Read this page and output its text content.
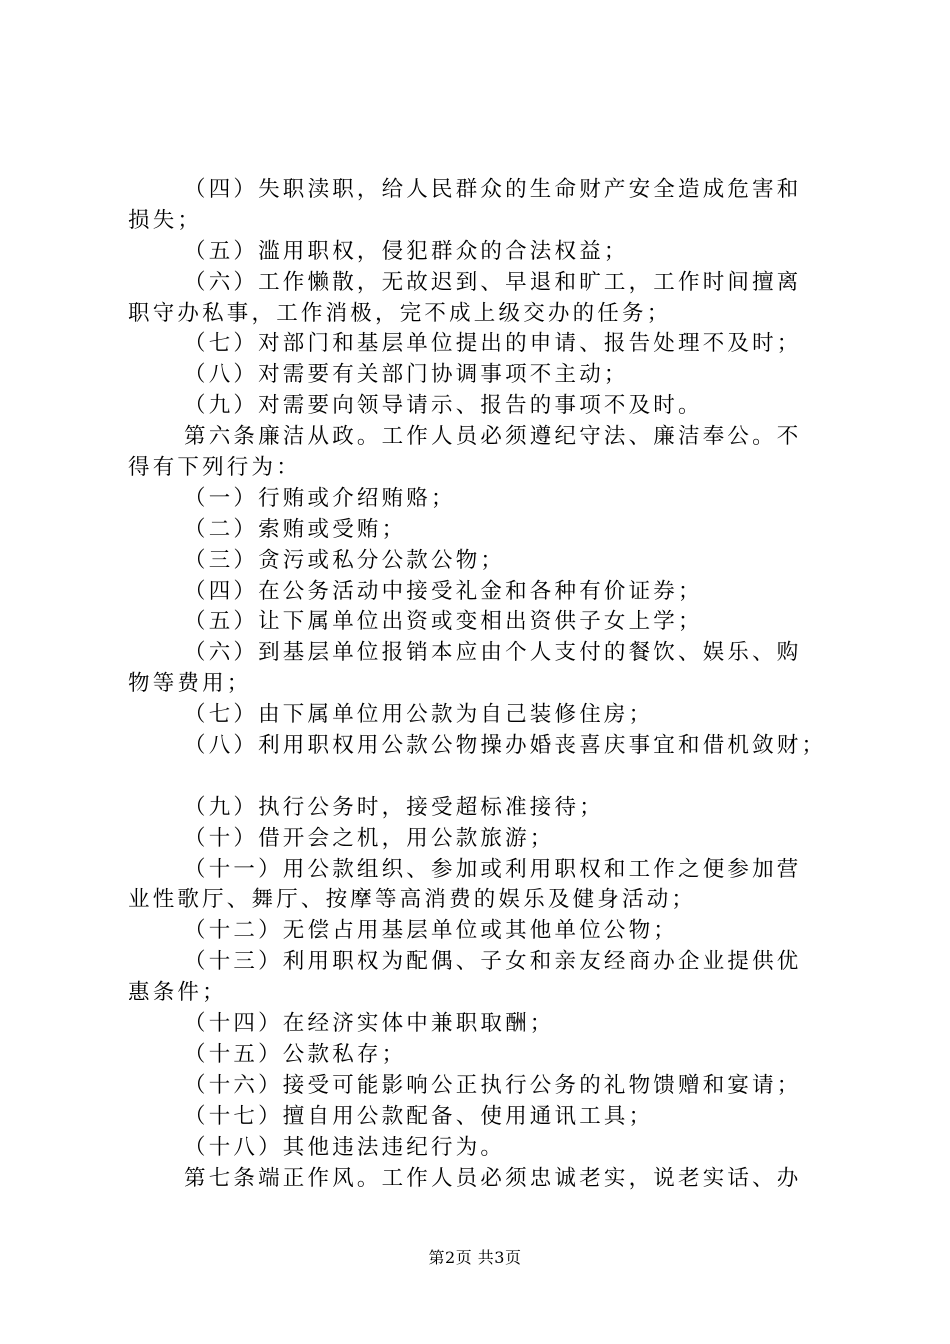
（四）失职渎职，给人民群众的生命财产安全造成危害和
损失；
（五）滥用职权，侵犯群众的合法权益；
（六）工作懒散，无故迟到、早退和旷工，工作时间擅离
职守办私事，工作消极，完不成上级交办的任务；
（七）对部门和基层单位提出的申请、报告处理不及时；
（八）对需要有关部门协调事项不主动；
（九）对需要向领导请示、报告的事项不及时。
第六条廉洁从政。工作人员必须遵纪守法、廉洁奉公。不
得有下列行为：
（一）行贿或介绍贿赂；
（二）索贿或受贿；
（三）贪污或私分公款公物；
（四）在公务活动中接受礼金和各种有价证券；
（五）让下属单位出资或变相出资供子女上学；
（六）到基层单位报销本应由个人支付的餐饮、娱乐、购
物等费用；
（七）由下属单位用公款为自己装修住房；
（八）利用职权用公款公物操办婚丧喜庆事宜和借机敛财；
（九）执行公务时，接受超标准接待；
（十）借开会之机，用公款旅游；
（十一）用公款组织、参加或利用职权和工作之便参加营
业性歌厅、舞厅、按摩等高消费的娱乐及健身活动；
（十二）无偿占用基层单位或其他单位公物；
（十三）利用职权为配偶、子女和亲友经商办企业提供优
惠条件；
（十四）在经济实体中兼职取酬；
（十五）公款私存；
（十六）接受可能影响公正执行公务的礼物馈赠和宴请；
（十七）擅自用公款配备、使用通讯工具；
（十八）其他违法违纪行为。
第七条端正作风。工作人员必须忠诚老实，说老实话、办
第2页 共3页
